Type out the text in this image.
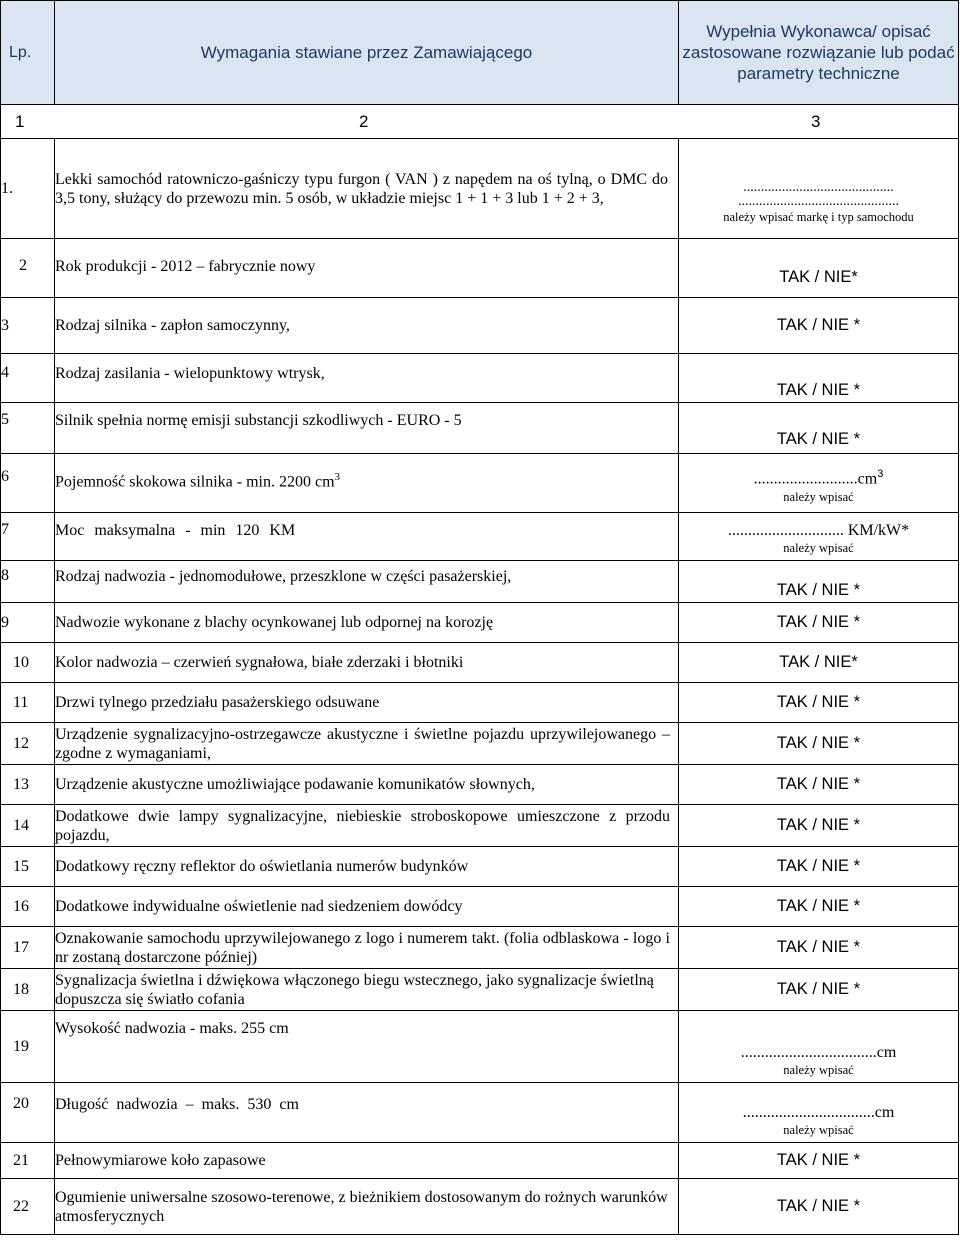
Lp.	Wymagania stawiane przez Zamawiającego	Wypełnia Wykonawca/ opisać zastosowane rozwiązanie lub podać parametry techniczne

1 2 3		

1.	Lekki samochód ratowniczo-gaśniczy typu furgon ( VAN ) z napędem na oś tylną, o DMC do 3,5 tony, służący do przewozu min. 5 osób, w układzie miejsc 1 + 1 + 3 lub 1 + 2 + 3,	...........................................
..............................................
należy wpisać markę i typ samochodu

2	Rok produkcji - 2012 – fabrycznie nowy	TAK / NIE*
3	Rodzaj silnika - zapłon samoczynny,	TAK / NIE *
4	Rodzaj zasilania - wielopunktowy wtrysk,	TAK / NIE *
5	Silnik spełnia normę emisji substancji szkodliwych - EURO - 5	TAK / NIE *
6	Pojemność skokowa silnika - min. 2200 $cm^3$	$..........................cm^3$
należy wpisać

7	Moc maksymalna - min 120 KM	............................. KM/kW*
należy wpisać

8	Rodzaj nadwozia - jednomodułowe, przeszklone w części pasażerskiej,	TAK / NIE *
9	Nadwozie wykonane z blachy ocynkowanej lub odpornej na korozję	TAK / NIE *
10	Kolor nadwozia – czerwień sygnałowa, białe zderzaki i błotniki	TAK / NIE*
11	Drzwi tylnego przedziału pasażerskiego odsuwane	TAK / NIE *
12	Urządzenie sygnalizacyjno-ostrzegawcze akustyczne i świetlne pojazdu uprzywilejowanego – zgodne z wymaganiami,	TAK / NIE *
13	Urządzenie akustyczne umożliwiające podawanie komunikatów słownych,	TAK / NIE *
14	Dodatkowe dwie lampy sygnalizacyjne, niebieskie stroboskopowe umieszczone z przodu pojazdu,	TAK / NIE *
15	Dodatkowy ręczny reflektor do oświetlania numerów budynków	TAK / NIE *
16	Dodatkowe indywidualne oświetlenie nad siedzeniem dowódcy	TAK / NIE *
17	Oznakowanie samochodu uprzywilejowanego z logo i numerem takt. (folia odblaskowa - logo i nr zostaną dostarczone później)	TAK / NIE *
18	Sygnalizacja świetlna i dźwiękowa włączonego biegu wstecznego, jako sygnalizacje świetlną dopuszcza się światło cofania	TAK / NIE *
19	Wysokość nadwozia - maks. 255 cm	..................................cm
należy wpisać

20	Długość nadwozia – maks. 530 cm	.................................cm
należy wpisać

21	Pełnowymiarowe koło zapasowe	TAK / NIE *
22	Ogumienie uniwersalne szosowo-terenowe, z bieżnikiem dostosowanym do rożnych warunków atmosferycznych	TAK / NIE *
